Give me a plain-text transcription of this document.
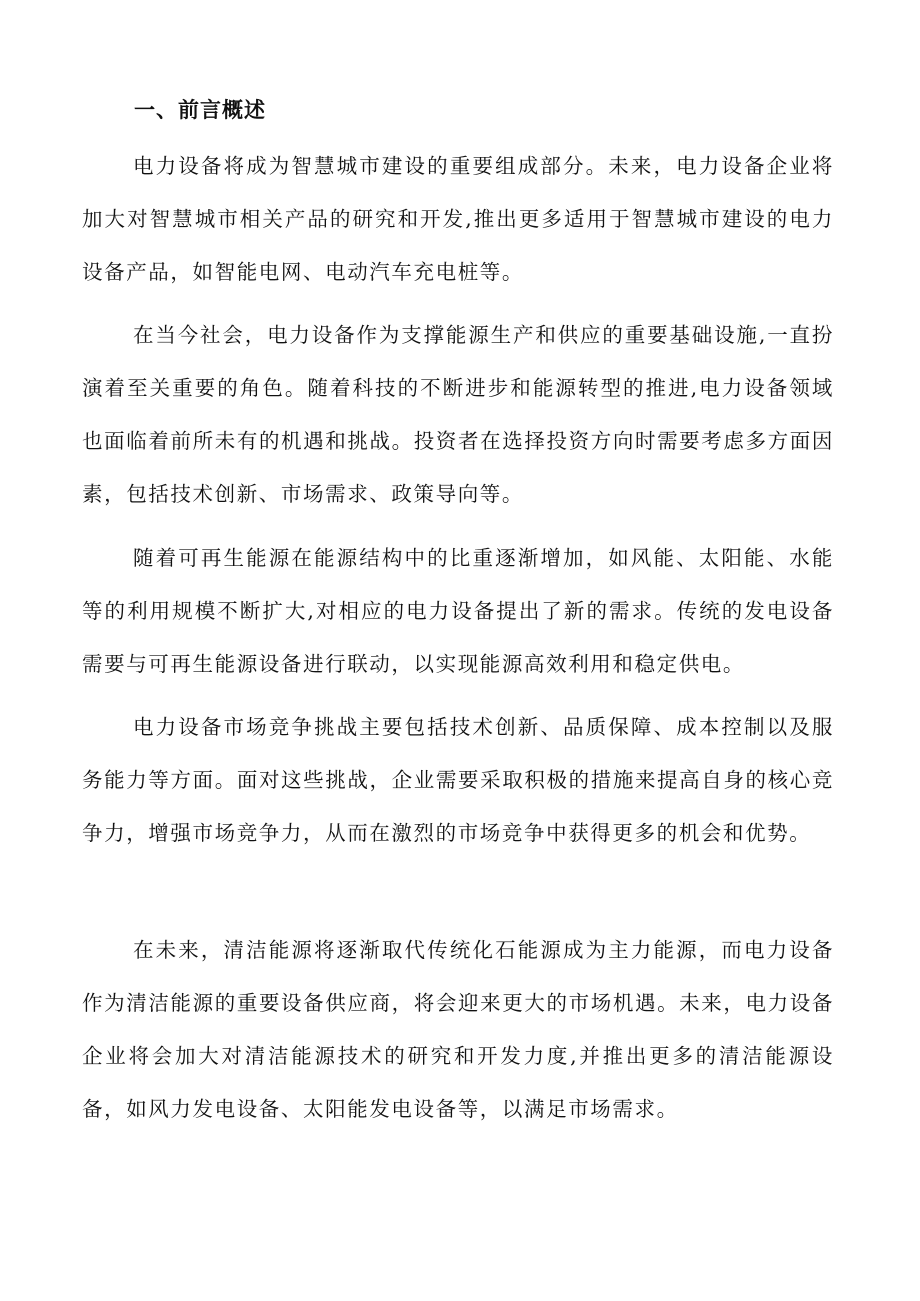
一、前言概述

电力设备将成为智慧城市建设的重要组成部分。未来，电力设备企业将加大对智慧城市相关产品的研究和开发,推出更多适用于智慧城市建设的电力设备产品，如智能电网、电动汽车充电桩等。

在当今社会，电力设备作为支撑能源生产和供应的重要基础设施,一直扮演着至关重要的角色。随着科技的不断进步和能源转型的推进,电力设备领域也面临着前所未有的机遇和挑战。投资者在选择投资方向时需要考虑多方面因素，包括技术创新、市场需求、政策导向等。

随着可再生能源在能源结构中的比重逐渐增加，如风能、太阳能、水能等的利用规模不断扩大,对相应的电力设备提出了新的需求。传统的发电设备需要与可再生能源设备进行联动，以实现能源高效利用和稳定供电。

电力设备市场竞争挑战主要包括技术创新、品质保障、成本控制以及服务能力等方面。面对这些挑战，企业需要采取积极的措施来提高自身的核心竞争力，增强市场竞争力，从而在激烈的市场竞争中获得更多的机会和优势。

在未来，清洁能源将逐渐取代传统化石能源成为主力能源，而电力设备作为清洁能源的重要设备供应商，将会迎来更大的市场机遇。未来，电力设备企业将会加大对清洁能源技术的研究和开发力度,并推出更多的清洁能源设备，如风力发电设备、太阳能发电设备等，以满足市场需求。
